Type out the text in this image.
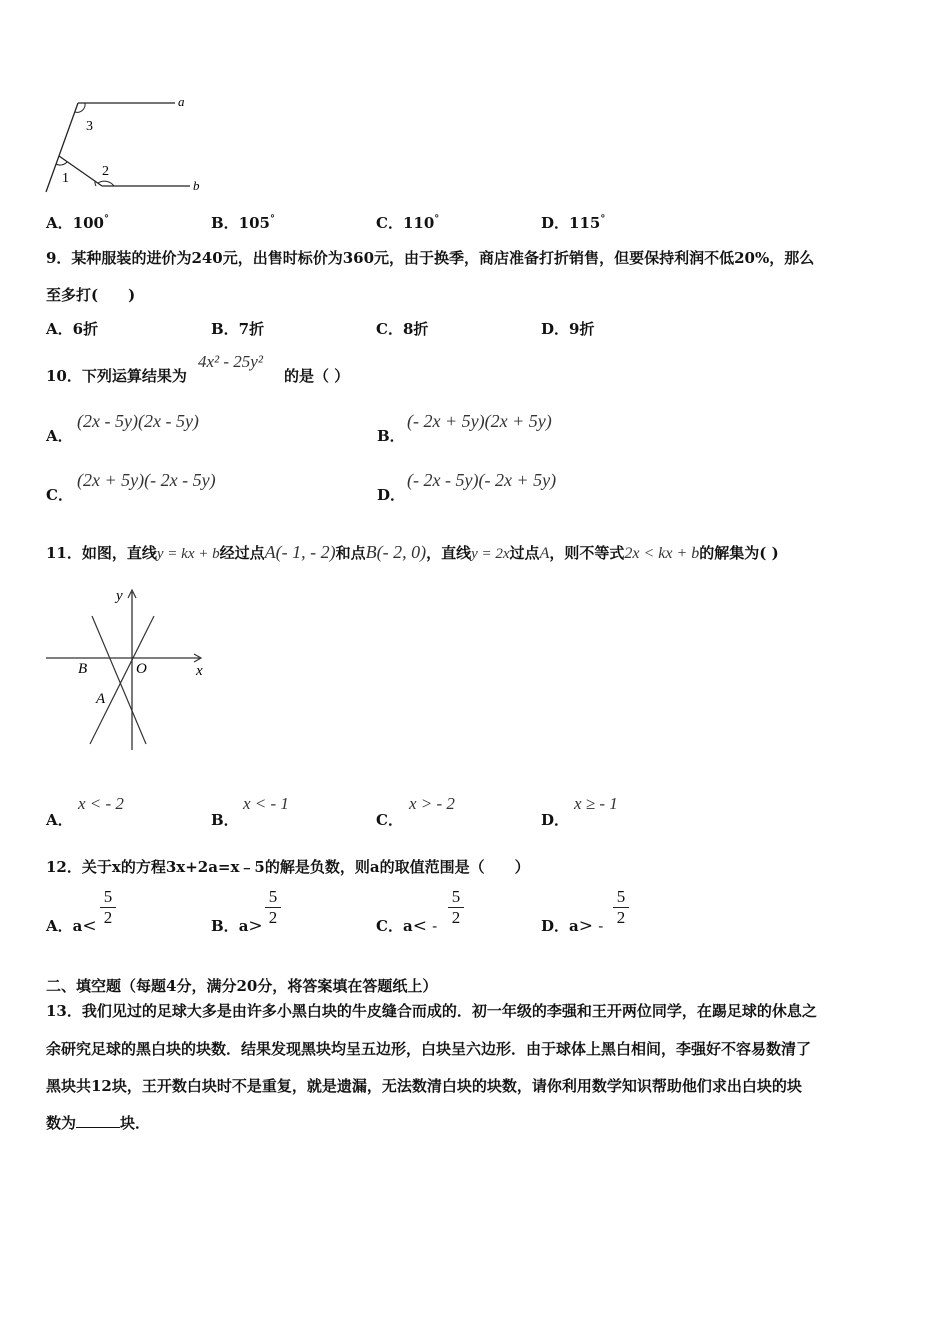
a
b
3
1 2
A．100°	B．105°	C．110°	D．115°
9．某种服装的进价为240元，出售时标价为360元，由于换季，商店准备打折销售，但要保持利润不低20%，那么
至多打(　　)
A．6折	B．7折	C．8折	D．9折
10．下列运算结果为
4x² - 25y²
的是（ ）
A．
(2x - 5y)(2x - 5y)
B．
(- 2x + 5y)(2x + 5y)
C．
(2x + 5y)(- 2x - 5y)
D．
(- 2x - 5y)(- 2x + 5y)
11．如图，直线y = kx + b经过点A(- 1, - 2)和点B(- 2, 0)，直线y = 2x过点A，则不等式2x < kx + b的解集为( )
y
x
B	O
A
A．
x < - 2
B．
x < - 1
C．
x > - 2
D．
x ≥ - 1
12．关于x的方程3x+2a=x﹣5的解是负数，则a的取值范围是（　　）
A．a<
5
2	B．a>
5
2	C．a< -
5
2	D．a> -
5
2
二、填空题（每题4分，满分20分，将答案填在答题纸上）
13．我们见过的足球大多是由许多小黑白块的牛皮缝合而成的．初一年级的李强和王开两位同学，在踢足球的休息之
余研究足球的黑白块的块数．结果发现黑块均呈五边形，白块呈六边形．由于球体上黑白相间，李强好不容易数清了
黑块共12块，王开数白块时不是重复，就是遗漏，无法数清白块的块数，请你利用数学知识帮助他们求出白块的块
数为	块．
